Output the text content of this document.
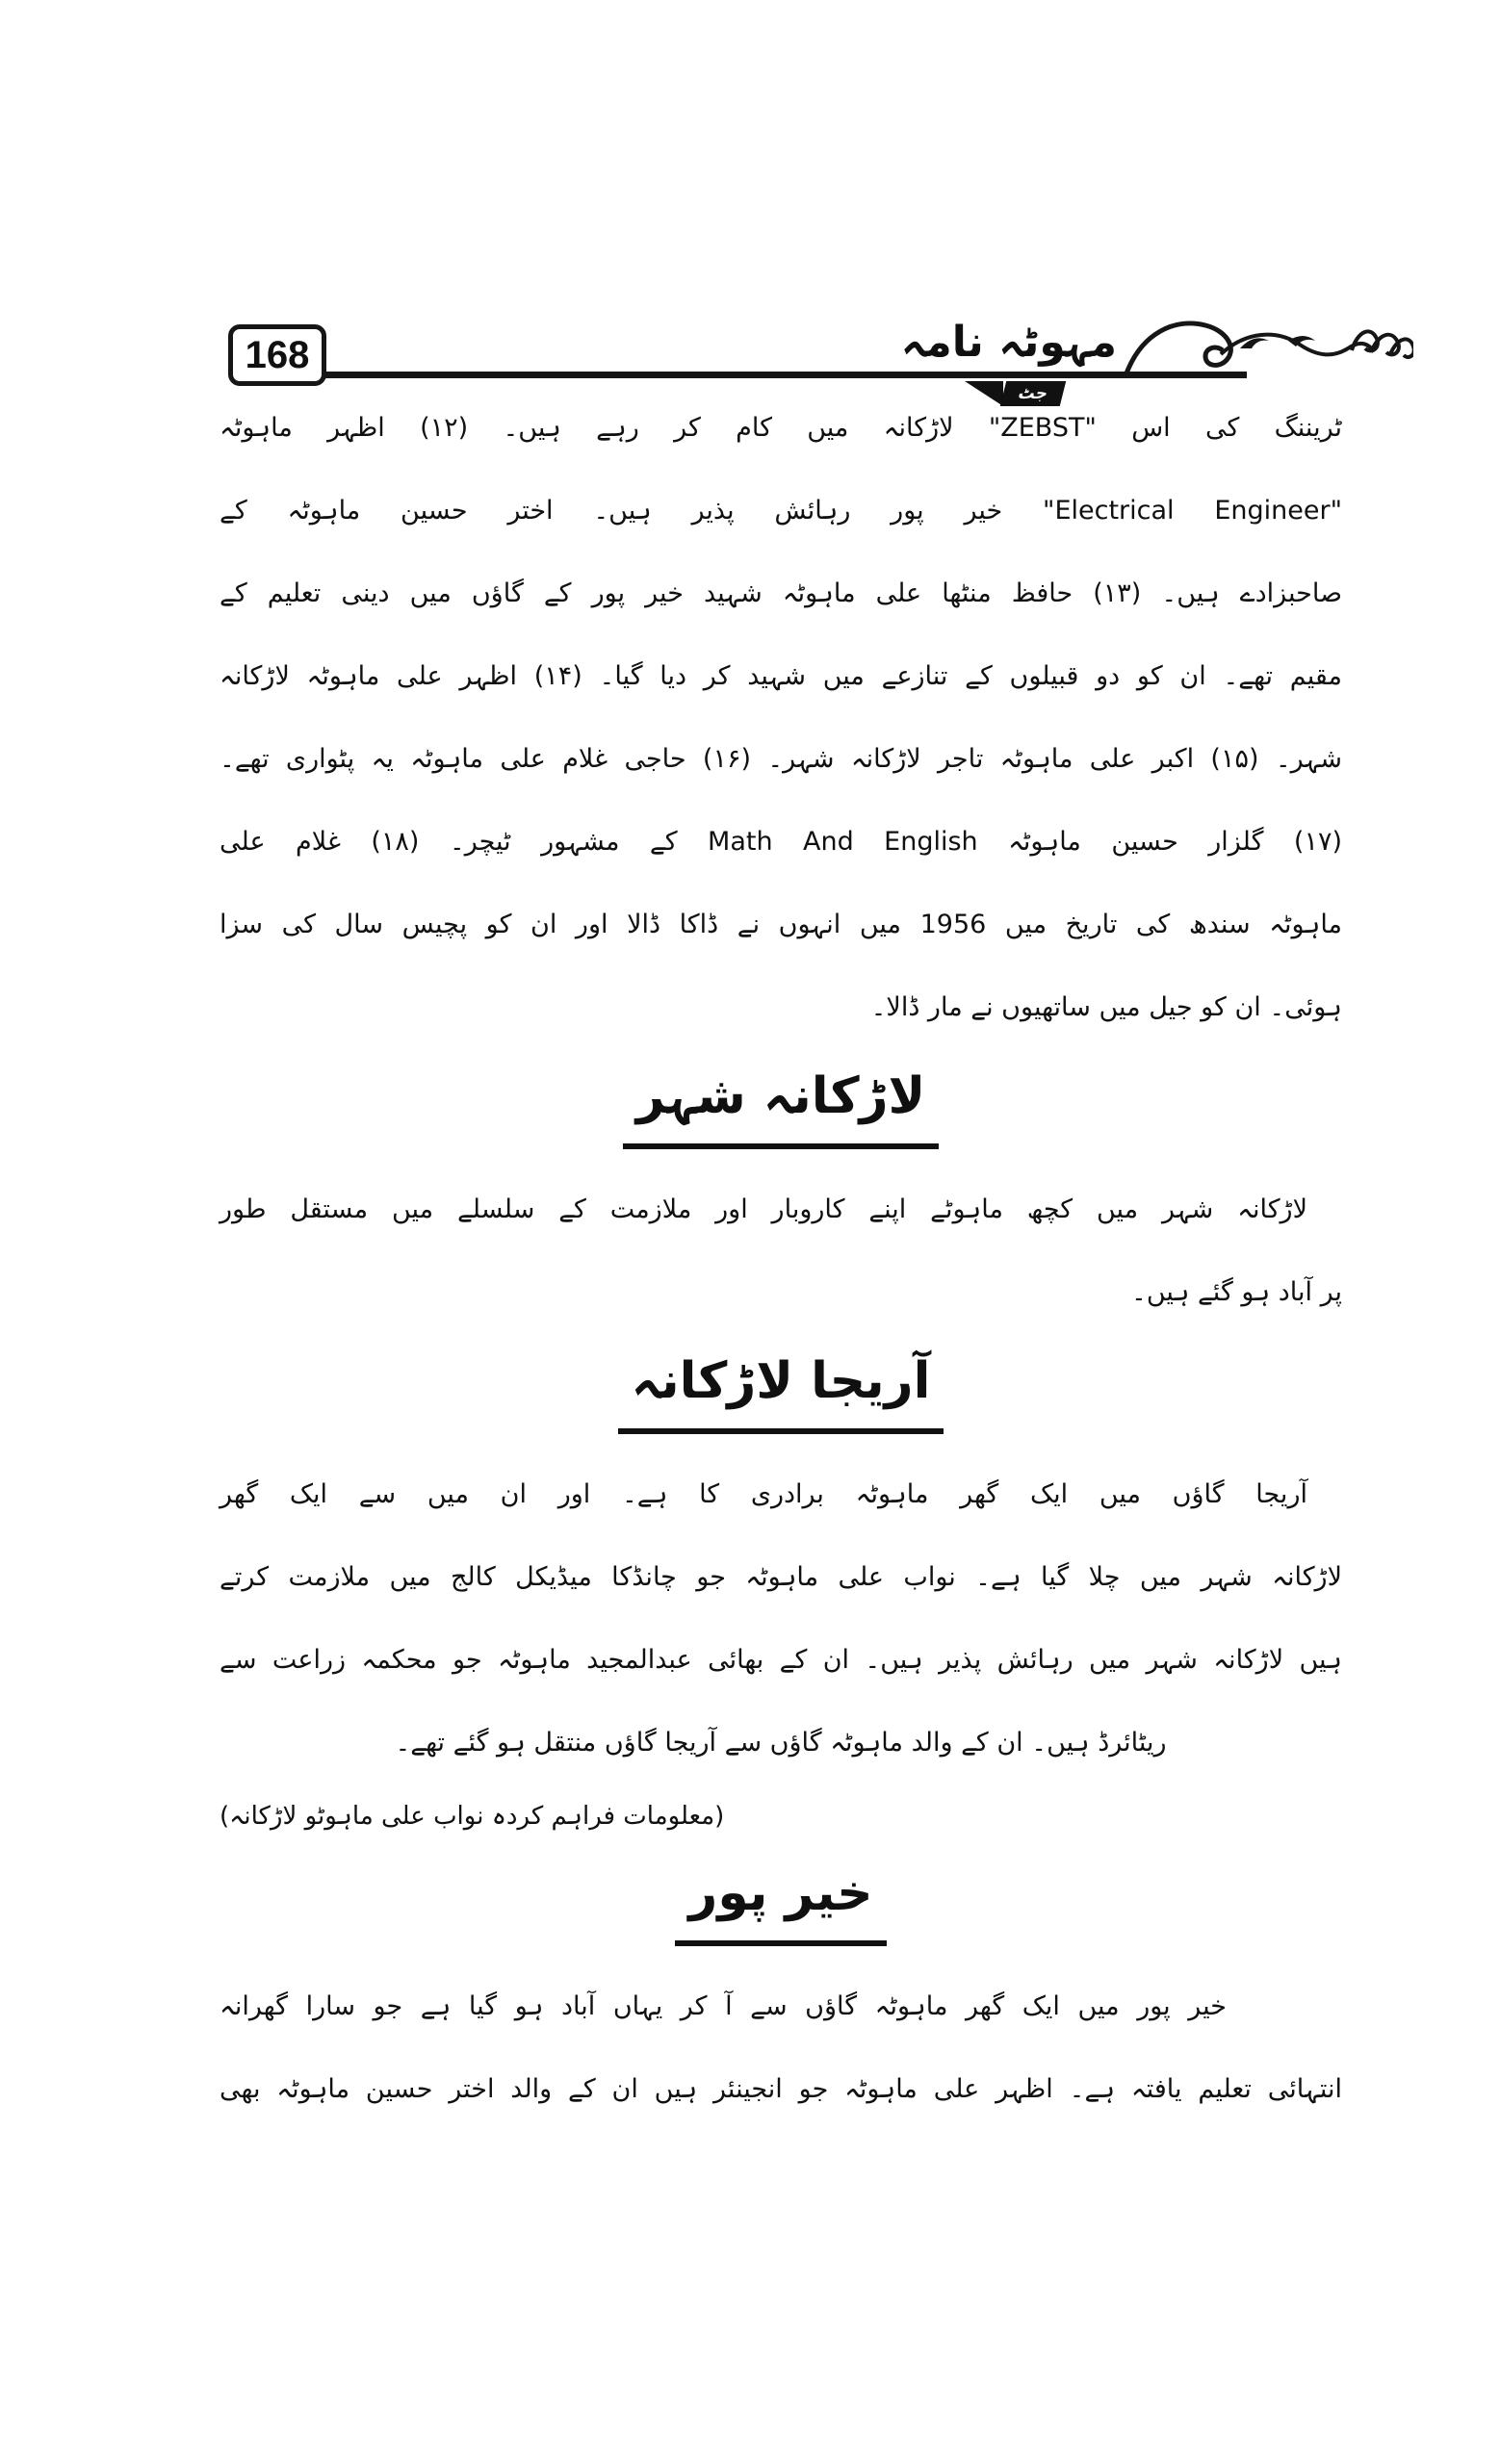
168	مہوٹہ نامہ
جٹ
ٹریننگ کی اس "ZEBST" لاڑکانہ میں کام کر رہے ہیں۔ (۱۲) اظہر ماہوٹہ
"Electrical Engineer" خیر پور رہائش پذیر ہیں۔ اختر حسین ماہوٹہ کے
صاحبزادے ہیں۔ (۱۳) حافظ منٹھا علی ماہوٹہ شہید خیر پور کے گاؤں میں دینی تعلیم کے
مقیم تھے۔ ان کو دو قبیلوں کے تنازعے میں شہید کر دیا گیا۔ (۱۴) اظہر علی ماہوٹہ لاڑکانہ
شہر۔ (۱۵) اکبر علی ماہوٹہ تاجر لاڑکانہ شہر۔ (۱۶) حاجی غلام علی ماہوٹہ یہ پٹواری تھے۔
(۱۷) گلزار حسین ماہوٹہ Math And English کے مشہور ٹیچر۔ (۱۸) غلام علی
ماہوٹہ سندھ کی تاریخ میں 1956 میں انہوں نے ڈاکا ڈالا اور ان کو پچیس سال کی سزا
ہوئی۔ ان کو جیل میں ساتھیوں نے مار ڈالا۔
لاڑکانہ شہر
لاڑکانہ شہر میں کچھ ماہوٹے اپنے کاروبار اور ملازمت کے سلسلے میں مستقل طور
پر آباد ہو گئے ہیں۔
آریجا لاڑکانہ
آریجا گاؤں میں ایک گھر ماہوٹہ برادری کا ہے۔ اور ان میں سے ایک گھر
لاڑکانہ شہر میں چلا گیا ہے۔ نواب علی ماہوٹہ جو چانڈکا میڈیکل کالج میں ملازمت کرتے
ہیں لاڑکانہ شہر میں رہائش پذیر ہیں۔ ان کے بھائی عبدالمجید ماہوٹہ جو محکمہ زراعت سے
ریٹائرڈ ہیں۔ ان کے والد ماہوٹہ گاؤں سے آریجا گاؤں منتقل ہو گئے تھے۔
(معلومات فراہم کردہ نواب علی ماہوٹو لاڑکانہ)
خیر پور
خیر پور میں ایک گھر ماہوٹہ گاؤں سے آ کر یہاں آباد ہو گیا ہے جو سارا گھرانہ
انتہائی تعلیم یافتہ ہے۔ اظہر علی ماہوٹہ جو انجینئر ہیں ان کے والد اختر حسین ماہوٹہ بھی
